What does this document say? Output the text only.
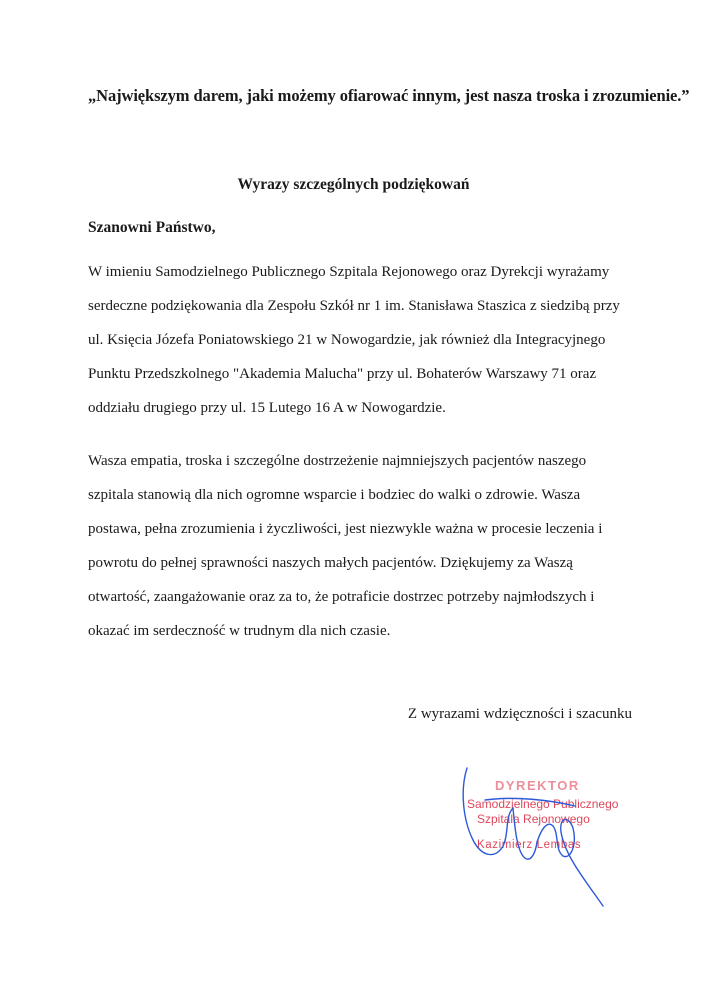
„Największym darem, jaki możemy ofiarować innym, jest nasza troska i zrozumienie.”
Wyrazy szczególnych podziękowań
Szanowni Państwo,

W imieniu Samodzielnego Publicznego Szpitala Rejonowego oraz Dyrekcji wyrażamy
serdeczne podziękowania dla Zespołu Szkół nr 1 im. Stanisława Staszica z siedzibą przy
ul. Księcia Józefa Poniatowskiego 21 w Nowogardzie, jak również dla Integracyjnego
Punktu Przedszkolnego "Akademia Malucha" przy ul. Bohaterów Warszawy 71 oraz
oddziału drugiego przy ul. 15 Lutego 16 A w Nowogardzie.

Wasza empatia, troska i szczególne dostrzeżenie najmniejszych pacjentów naszego
szpitala stanowią dla nich ogromne wsparcie i bodziec do walki o zdrowie. Wasza
postawa, pełna zrozumienia i życzliwości, jest niezwykle ważna w procesie leczenia i
powrotu do pełnej sprawności naszych małych pacjentów. Dziękujemy za Waszą
otwartość, zaangażowanie oraz za to, że potraficie dostrzec potrzeby najmłodszych i
okazać im serdeczność w trudnym dla nich czasie.

Z wyrazami wdzięczności i szacunku
DYREKTOR
Samodzielnego Publicznego
Szpitala Rejonowego
Kazimierz Lembas
